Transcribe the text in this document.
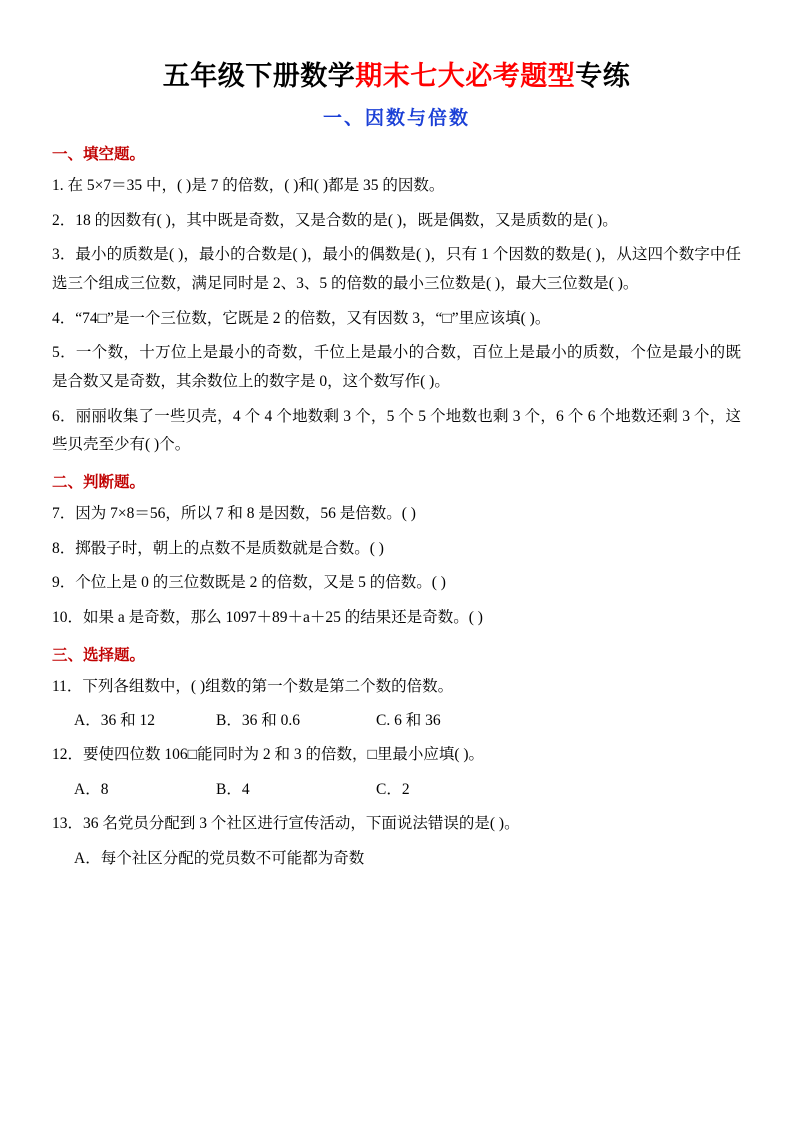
五年级下册数学期末七大必考题型专练
一、因数与倍数
一、填空题。
1. 在 5×7＝35 中，( )是 7 的倍数，( )和( )都是 35 的因数。
2．18 的因数有( )，其中既是奇数，又是合数的是( )，既是偶数，又是质数的是( )。
3．最小的质数是( )，最小的合数是( )，最小的偶数是( )，只有 1 个因数的数是( )，从这四个数字中任选三个组成三位数，满足同时是 2、3、5 的倍数的最小三位数是( )，最大三位数是( )。
4．“74□”是一个三位数，它既是 2 的倍数，又有因数 3，“□”里应该填( )。
5．一个数，十万位上是最小的奇数，千位上是最小的合数，百位上是最小的质数，个位是最小的既是合数又是奇数，其余数位上的数字是 0，这个数写作( )。
6．丽丽收集了一些贝壳，4 个 4 个地数剩 3 个，5 个 5 个地数也剩 3 个，6 个 6 个地数还剩 3 个，这些贝壳至少有( )个。
二、判断题。
7．因为 7×8＝56，所以 7 和 8 是因数，56 是倍数。( )
8．掷骰子时，朝上的点数不是质数就是合数。( )
9．个位上是 0 的三位数既是 2 的倍数，又是 5 的倍数。( )
10．如果 a 是奇数，那么 1097＋89＋a＋25 的结果还是奇数。( )
三、选择题。
11．下列各组数中，( )组数的第一个数是第二个数的倍数。
A．36 和 12	B．36 和 0.6	C. 6 和 36
12．要使四位数 106□能同时为 2 和 3 的倍数，□里最小应填( )。
A．8	B．4	C．2
13．36 名党员分配到 3 个社区进行宣传活动，下面说法错误的是( )。
A．每个社区分配的党员数不可能都为奇数
